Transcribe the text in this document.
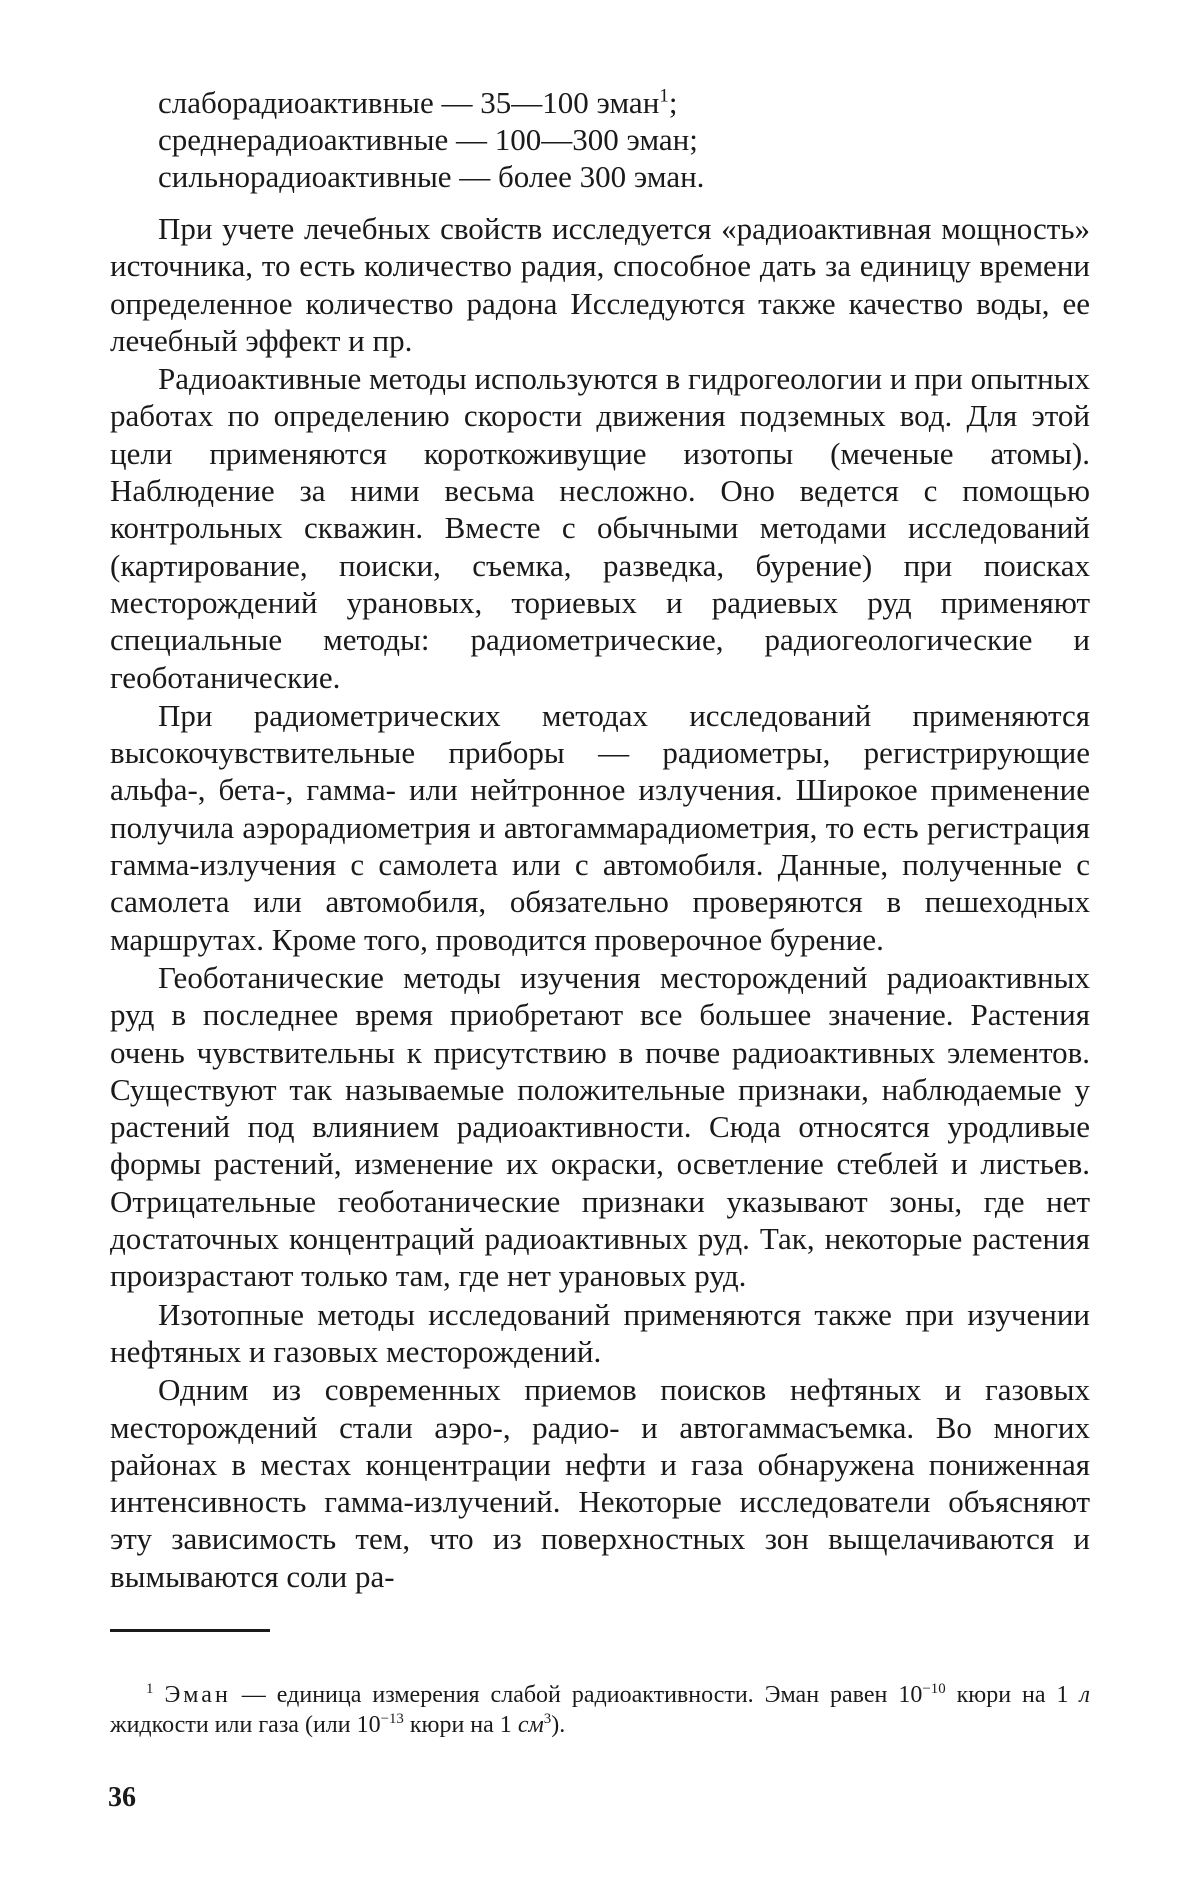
слаборадиоактивные — 35—100 эман$^1$;
среднерадиоактивные — 100—300 эман;
сильнорадиоактивные — более 300 эман.

При учете лечебных свойств исследуется «радиоактивная мощность» источника, то есть количество радия, способное дать за единицу времени определенное количество радона Исследуются также качество воды, ее лечебный эффект и пр.

Радиоактивные методы используются в гидрогеологии и при опытных работах по определению скорости движения подземных вод. Для этой цели применяются короткоживущие изотопы (меченые атомы). Наблюдение за ними весьма несложно. Оно ведется с помощью контрольных скважин. Вместе с обычными методами исследований (картирование, поиски, съемка, разведка, бурение) при поисках месторождений урановых, ториевых и радиевых руд применяют специальные методы: радиометрические, радиогеологические и геоботанические.

При радиометрических методах исследований применяются высокочувствительные приборы — радиометры, регистрирующие альфа-, бета-, гамма- или нейтронное излучения. Широкое применение получила аэрорадиометрия и автогаммарадиометрия, то есть регистрация гамма-излучения с самолета или с автомобиля. Данные, полученные с самолета или автомобиля, обязательно проверяются в пешеходных маршрутах. Кроме того, проводится проверочное бурение.

Геоботанические методы изучения месторождений радиоактивных руд в последнее время приобретают все большее значение. Растения очень чувствительны к присутствию в почве радиоактивных элементов. Существуют так называемые положительные признаки, наблюдаемые у растений под влиянием радиоактивности. Сюда относятся уродливые формы растений, изменение их окраски, осветление стеблей и листьев. Отрицательные геоботанические признаки указывают зоны, где нет достаточных концентраций радиоактивных руд. Так, некоторые растения произрастают только там, где нет урановых руд.

Изотопные методы исследований применяются также при изучении нефтяных и газовых месторождений.

Одним из современных приемов поисков нефтяных и газовых месторождений стали аэро-, радио- и автогаммасъемка. Во многих районах в местах концентрации нефти и газа обнаружена пониженная интенсивность гамма-излучений. Некоторые исследователи объясняют эту зависимость тем, что из поверхностных зон выщелачиваются и вымываются соли ра-

$^1$ Эман — единица измерения слабой радиоактивности. Эман равен $10^{-10}$ кюри на 1 л жидкости или газа (или $10^{-13}$ кюри на 1 $см^3$).
36
